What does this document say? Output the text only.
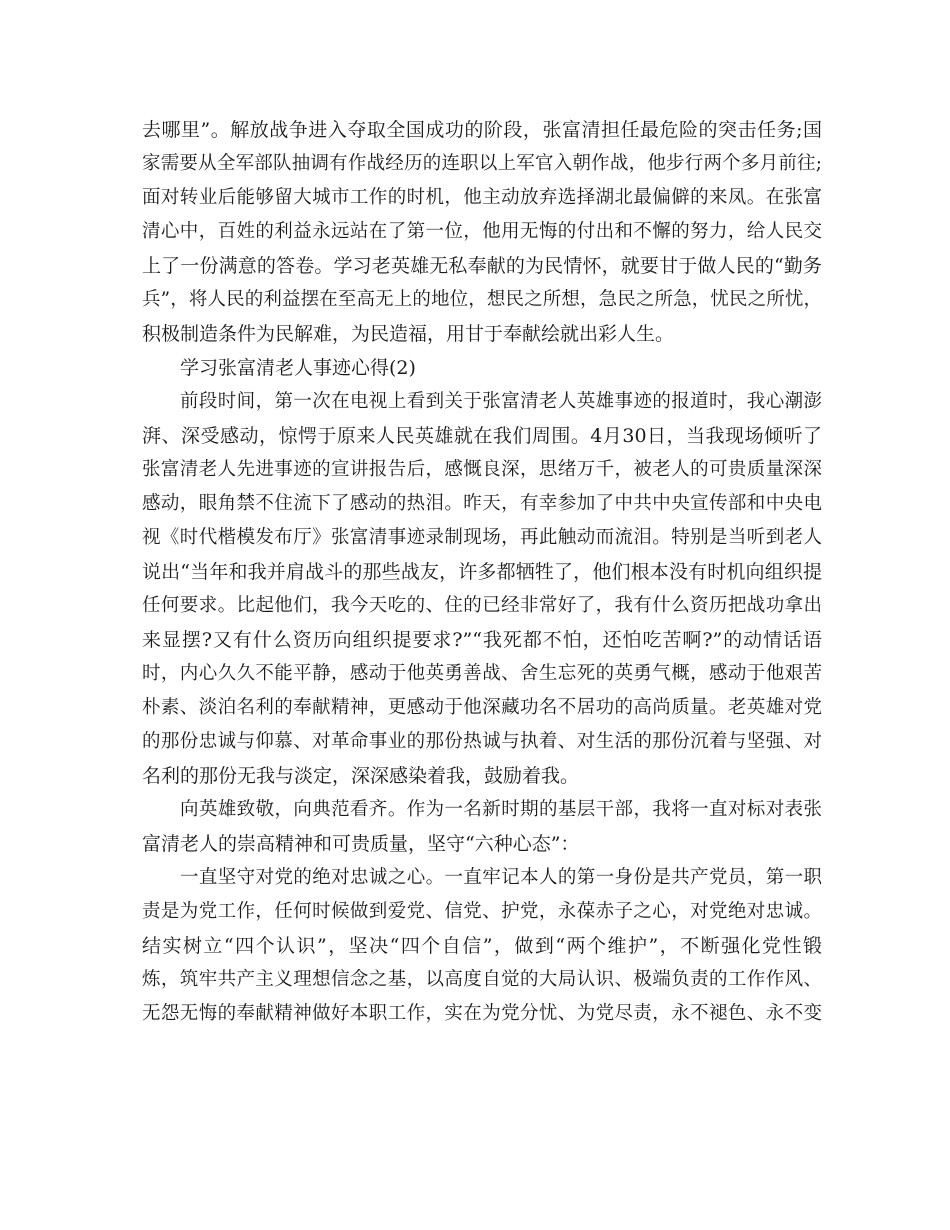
去哪里”。解放战争进入夺取全国成功的阶段，张富清担任最危险的突击任务;国
家需要从全军部队抽调有作战经历的连职以上军官入朝作战，他步行两个多月前往;
面对转业后能够留大城市工作的时机，他主动放弃选择湖北最偏僻的来凤。在张富
清心中，百姓的利益永远站在了第一位，他用无悔的付出和不懈的努力，给人民交
上了一份满意的答卷。学习老英雄无私奉献的为民情怀，就要甘于做人民的“勤务
兵”，将人民的利益摆在至高无上的地位，想民之所想，急民之所急，忧民之所忧，
积极制造条件为民解难，为民造福，用甘于奉献绘就出彩人生。
学习张富清老人事迹心得(2)
前段时间，第一次在电视上看到关于张富清老人英雄事迹的报道时，我心潮澎
湃、深受感动，惊愕于原来人民英雄就在我们周围。4月30日，当我现场倾听了
张富清老人先进事迹的宣讲报告后，感慨良深，思绪万千，被老人的可贵质量深深
感动，眼角禁不住流下了感动的热泪。昨天，有幸参加了中共中央宣传部和中央电
视《时代楷模发布厅》张富清事迹录制现场，再此触动而流泪。特别是当听到老人
说出“当年和我并肩战斗的那些战友，许多都牺牲了，他们根本没有时机向组织提
任何要求。比起他们，我今天吃的、住的已经非常好了，我有什么资历把战功拿出
来显摆?又有什么资历向组织提要求?”“我死都不怕，还怕吃苦啊?”的动情话语
时，内心久久不能平静，感动于他英勇善战、舍生忘死的英勇气概，感动于他艰苦
朴素、淡泊名利的奉献精神，更感动于他深藏功名不居功的高尚质量。老英雄对党
的那份忠诚与仰慕、对革命事业的那份热诚与执着、对生活的那份沉着与坚强、对
名利的那份无我与淡定，深深感染着我，鼓励着我。
向英雄致敬，向典范看齐。作为一名新时期的基层干部，我将一直对标对表张
富清老人的崇高精神和可贵质量，坚守“六种心态”：
一直坚守对党的绝对忠诚之心。一直牢记本人的第一身份是共产党员，第一职
责是为党工作，任何时候做到爱党、信党、护党，永葆赤子之心，对党绝对忠诚。
结实树立“四个认识”，坚决“四个自信”，做到“两个维护”，不断强化党性锻
炼，筑牢共产主义理想信念之基，以高度自觉的大局认识、极端负责的工作作风、
无怨无悔的奉献精神做好本职工作，实在为党分忧、为党尽责，永不褪色、永不变
